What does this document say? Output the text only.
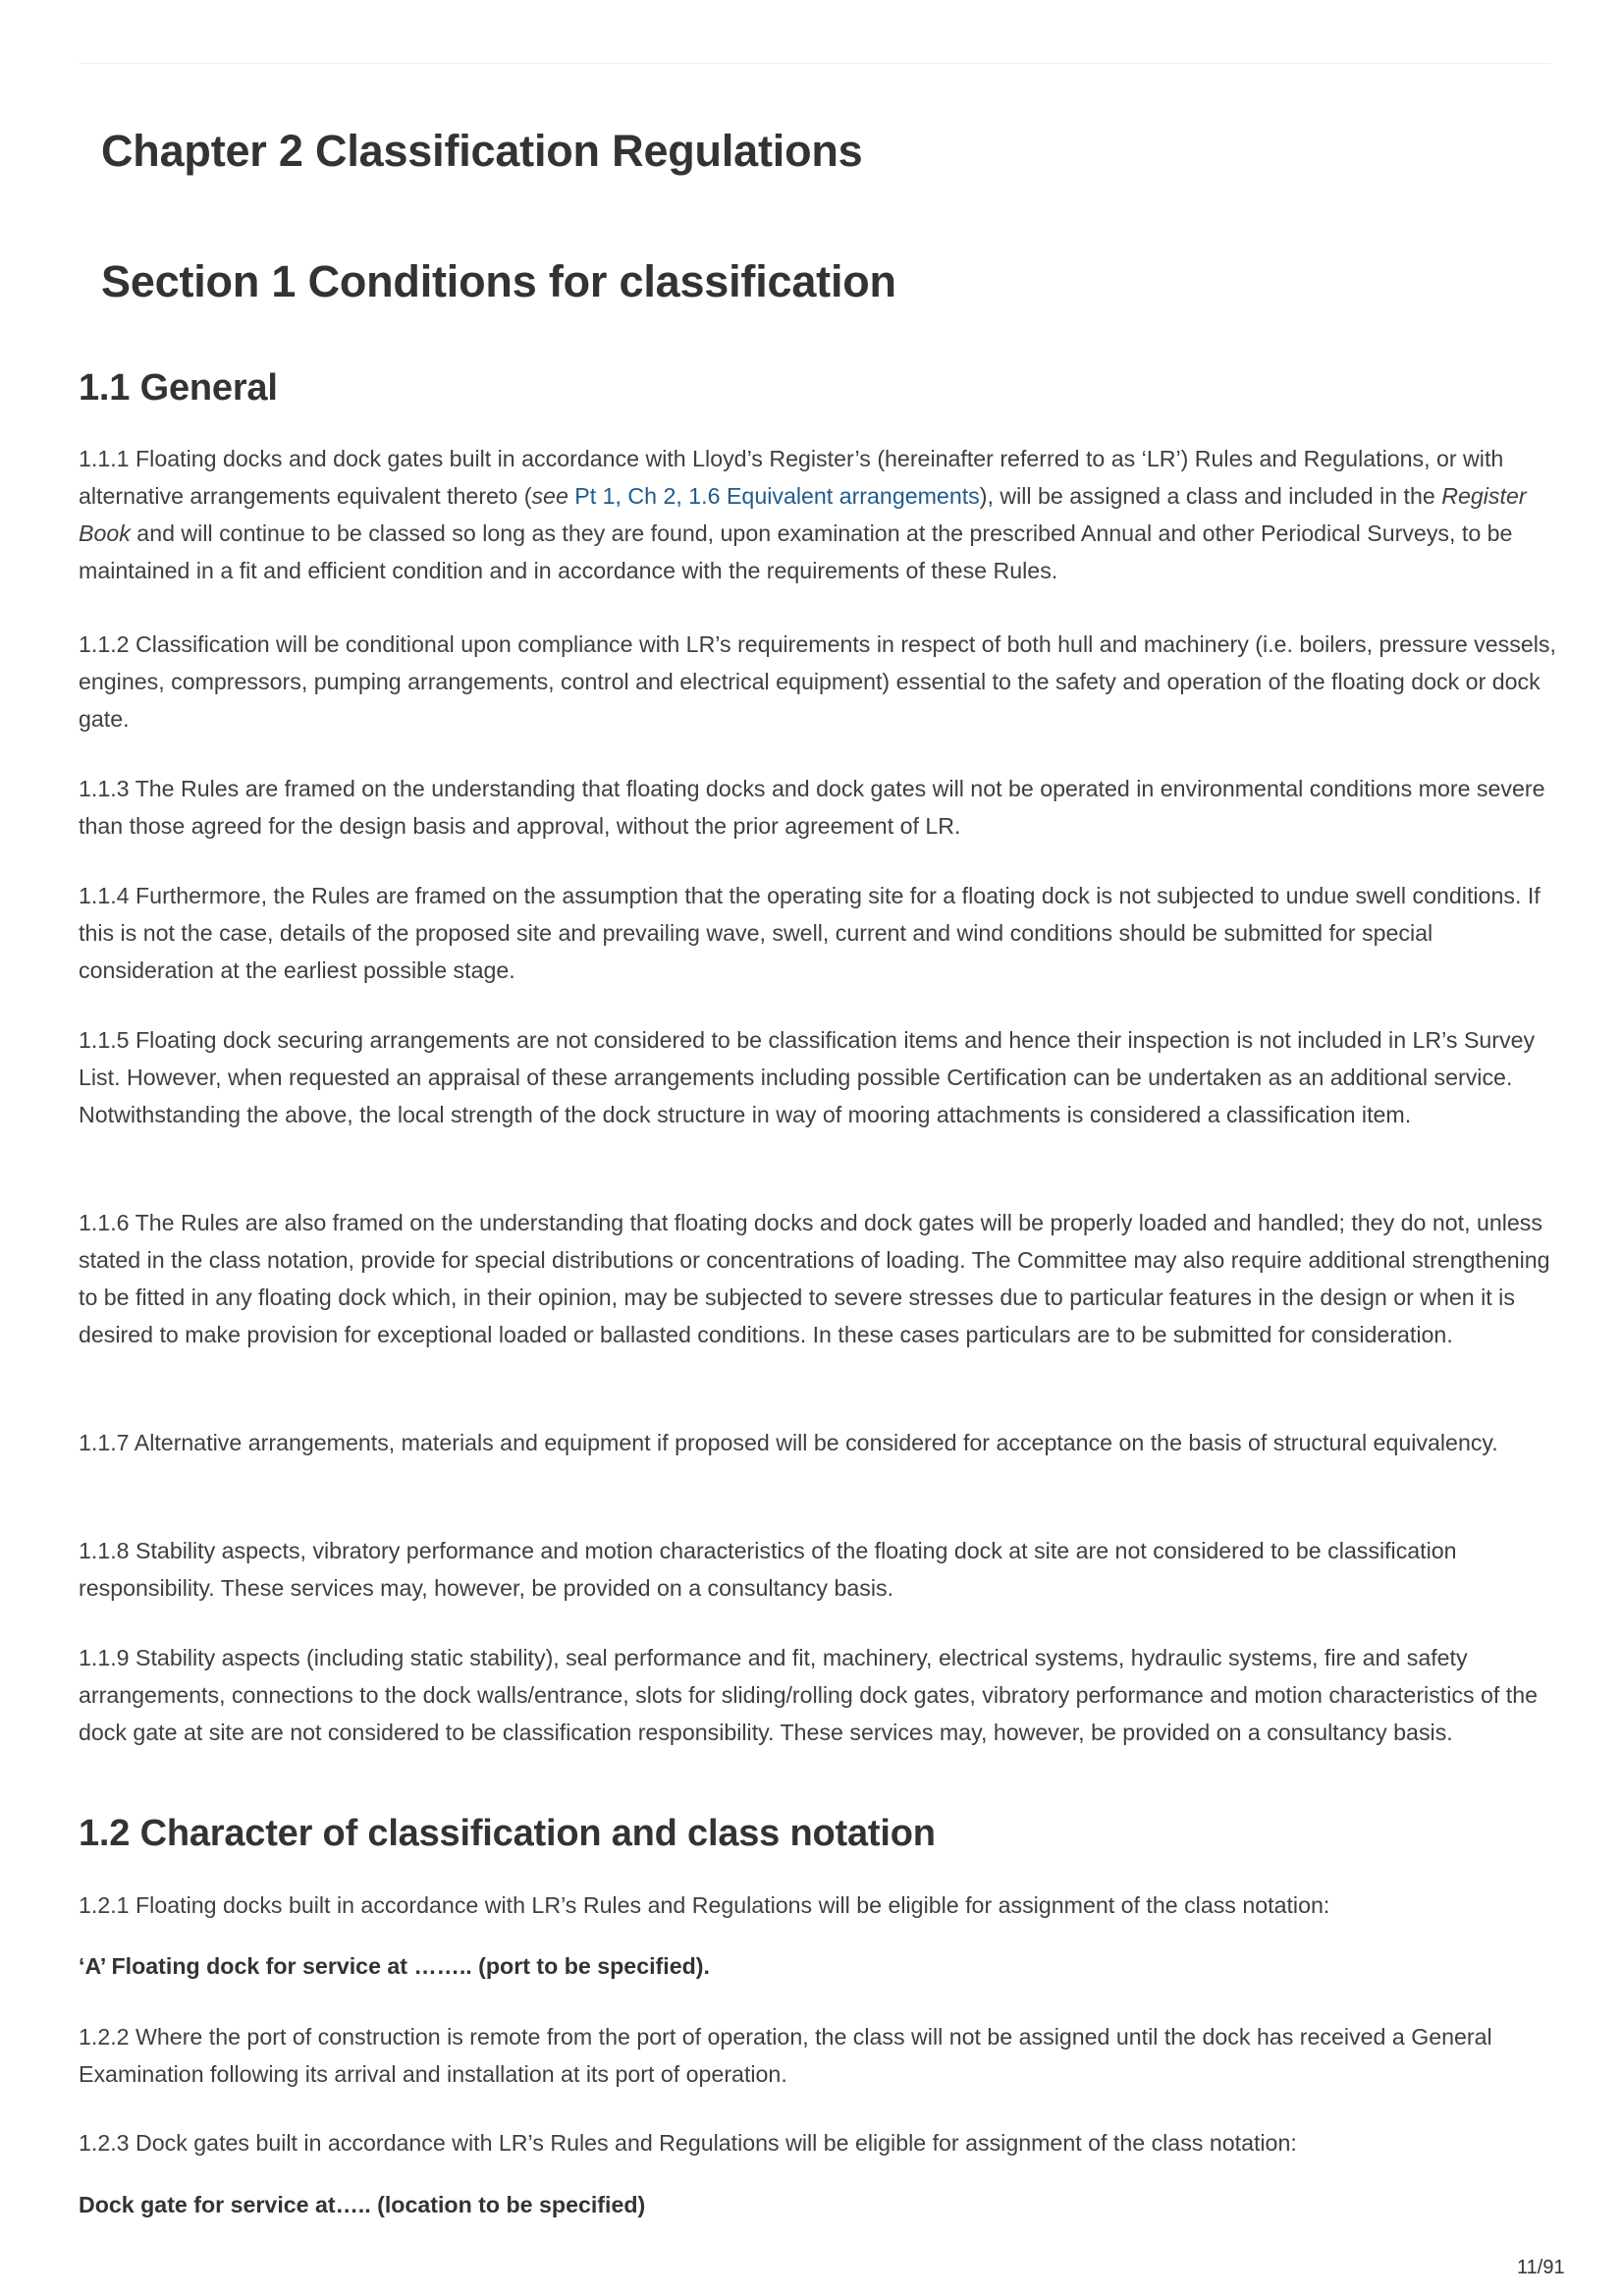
Chapter 2 Classification Regulations
Section 1 Conditions for classification
1.1 General

1.1.1 Floating docks and dock gates built in accordance with Lloyd’s Register’s (hereinafter referred to as ‘LR’) Rules and Regulations, or with alternative arrangements equivalent thereto (see Pt 1, Ch 2, 1.6 Equivalent arrangements), will be assigned a class and included in the Register Book and will continue to be classed so long as they are found, upon examination at the prescribed Annual and other Periodical Surveys, to be maintained in a fit and efficient condition and in accordance with the requirements of these Rules.

1.1.2 Classification will be conditional upon compliance with LR’s requirements in respect of both hull and machinery (i.e. boilers, pressure vessels, engines, compressors, pumping arrangements, control and electrical equipment) essential to the safety and operation of the floating dock or dock gate.

1.1.3 The Rules are framed on the understanding that floating docks and dock gates will not be operated in environmental conditions more severe than those agreed for the design basis and approval, without the prior agreement of LR.

1.1.4 Furthermore, the Rules are framed on the assumption that the operating site for a floating dock is not subjected to undue swell conditions. If this is not the case, details of the proposed site and prevailing wave, swell, current and wind conditions should be submitted for special consideration at the earliest possible stage.

1.1.5 Floating dock securing arrangements are not considered to be classification items and hence their inspection is not included in LR’s Survey List. However, when requested an appraisal of these arrangements including possible Certification can be undertaken as an additional service. Notwithstanding the above, the local strength of the dock structure in way of mooring attachments is considered a classification item.

1.1.6 The Rules are also framed on the understanding that floating docks and dock gates will be properly loaded and handled; they do not, unless stated in the class notation, provide for special distributions or concentrations of loading. The Committee may also require additional strengthening to be fitted in any floating dock which, in their opinion, may be subjected to severe stresses due to particular features in the design or when it is desired to make provision for exceptional loaded or ballasted conditions. In these cases particulars are to be submitted for consideration.

1.1.7 Alternative arrangements, materials and equipment if proposed will be considered for acceptance on the basis of structural equivalency.

1.1.8 Stability aspects, vibratory performance and motion characteristics of the floating dock at site are not considered to be classification responsibility. These services may, however, be provided on a consultancy basis.

1.1.9 Stability aspects (including static stability), seal performance and fit, machinery, electrical systems, hydraulic systems, fire and safety arrangements, connections to the dock walls/entrance, slots for sliding/rolling dock gates, vibratory performance and motion characteristics of the dock gate at site are not considered to be classification responsibility. These services may, however, be provided on a consultancy basis.

1.2 Character of classification and class notation

1.2.1 Floating docks built in accordance with LR’s Rules and Regulations will be eligible for assignment of the class notation:

‘A’ Floating dock for service at …….. (port to be specified).

1.2.2 Where the port of construction is remote from the port of operation, the class will not be assigned until the dock has received a General Examination following its arrival and installation at its port of operation.

1.2.3 Dock gates built in accordance with LR’s Rules and Regulations will be eligible for assignment of the class notation:

Dock gate for service at….. (location to be specified)

11/91
